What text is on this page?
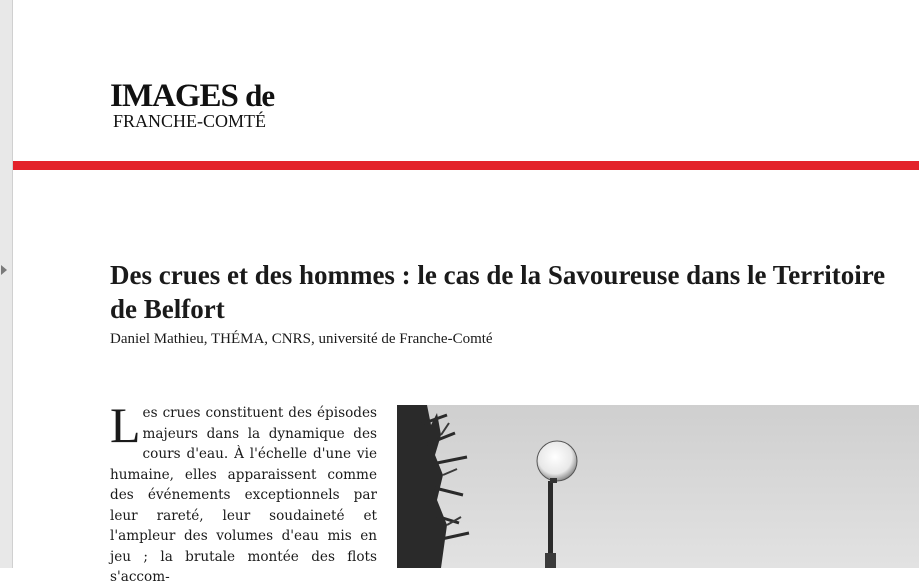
IMAGES de
FRANCHE-COMTÉ
Des crues et des hommes : le cas de la Savoureuse dans le Territoire de Belfort
Daniel Mathieu, THÉMA, CNRS, université de Franche-Comté
Les crues constituent des épisodes majeurs dans la dynamique des cours d'eau. À l'échelle d'une vie humaine, elles apparaissent comme des événements exceptionnels par leur rareté, leur soudaineté et l'ampleur des volumes d'eau mis en jeu ; la brutale montée des flots s'accom-
